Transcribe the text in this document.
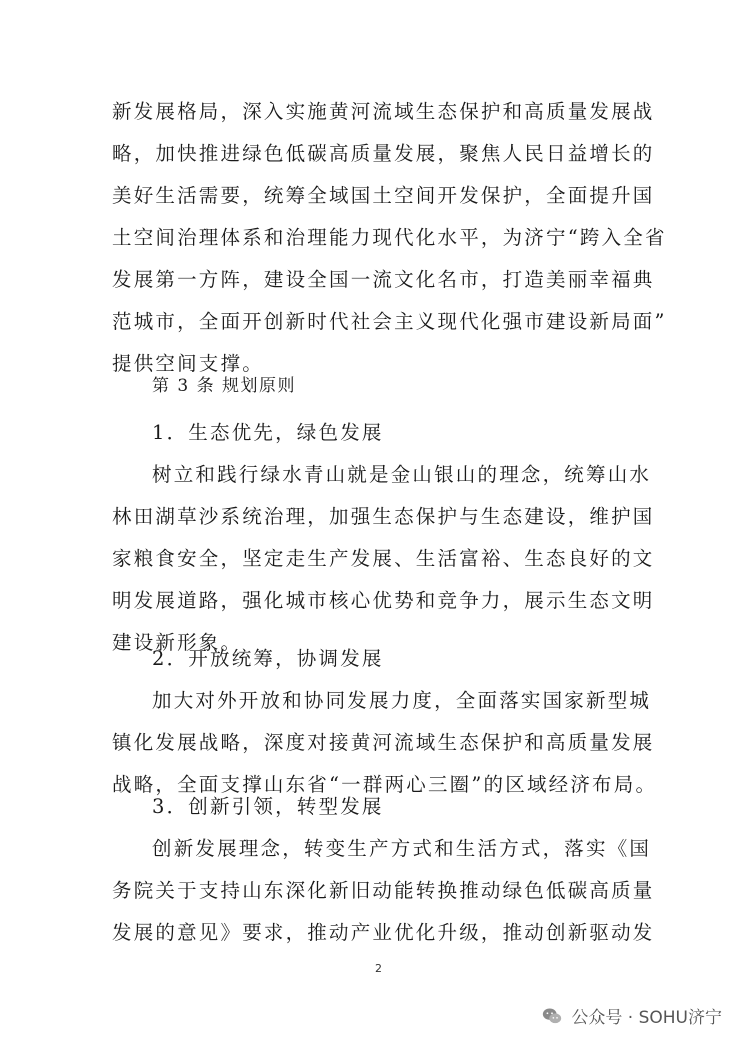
新发展格局，深入实施黄河流域生态保护和高质量发展战
略，加快推进绿色低碳高质量发展，聚焦人民日益增长的
美好生活需要，统筹全域国土空间开发保护，全面提升国
土空间治理体系和治理能力现代化水平，为济宁“跨入全省
发展第一方阵，建设全国一流文化名市，打造美丽幸福典
范城市，全面开创新时代社会主义现代化强市建设新局面”
提供空间支撑。
第 3 条 规划原则
1．生态优先，绿色发展
树立和践行绿水青山就是金山银山的理念，统筹山水
林田湖草沙系统治理，加强生态保护与生态建设，维护国
家粮食安全，坚定走生产发展、生活富裕、生态良好的文
明发展道路，强化城市核心优势和竞争力，展示生态文明
建设新形象。
2．开放统筹，协调发展
加大对外开放和协同发展力度，全面落实国家新型城
镇化发展战略，深度对接黄河流域生态保护和高质量发展
战略，全面支撑山东省“一群两心三圈”的区域经济布局。
3．创新引领，转型发展
创新发展理念，转变生产方式和生活方式，落实《国
务院关于支持山东深化新旧动能转换推动绿色低碳高质量
发展的意见》要求，推动产业优化升级，推动创新驱动发
2
公众号 · SOHU济宁
